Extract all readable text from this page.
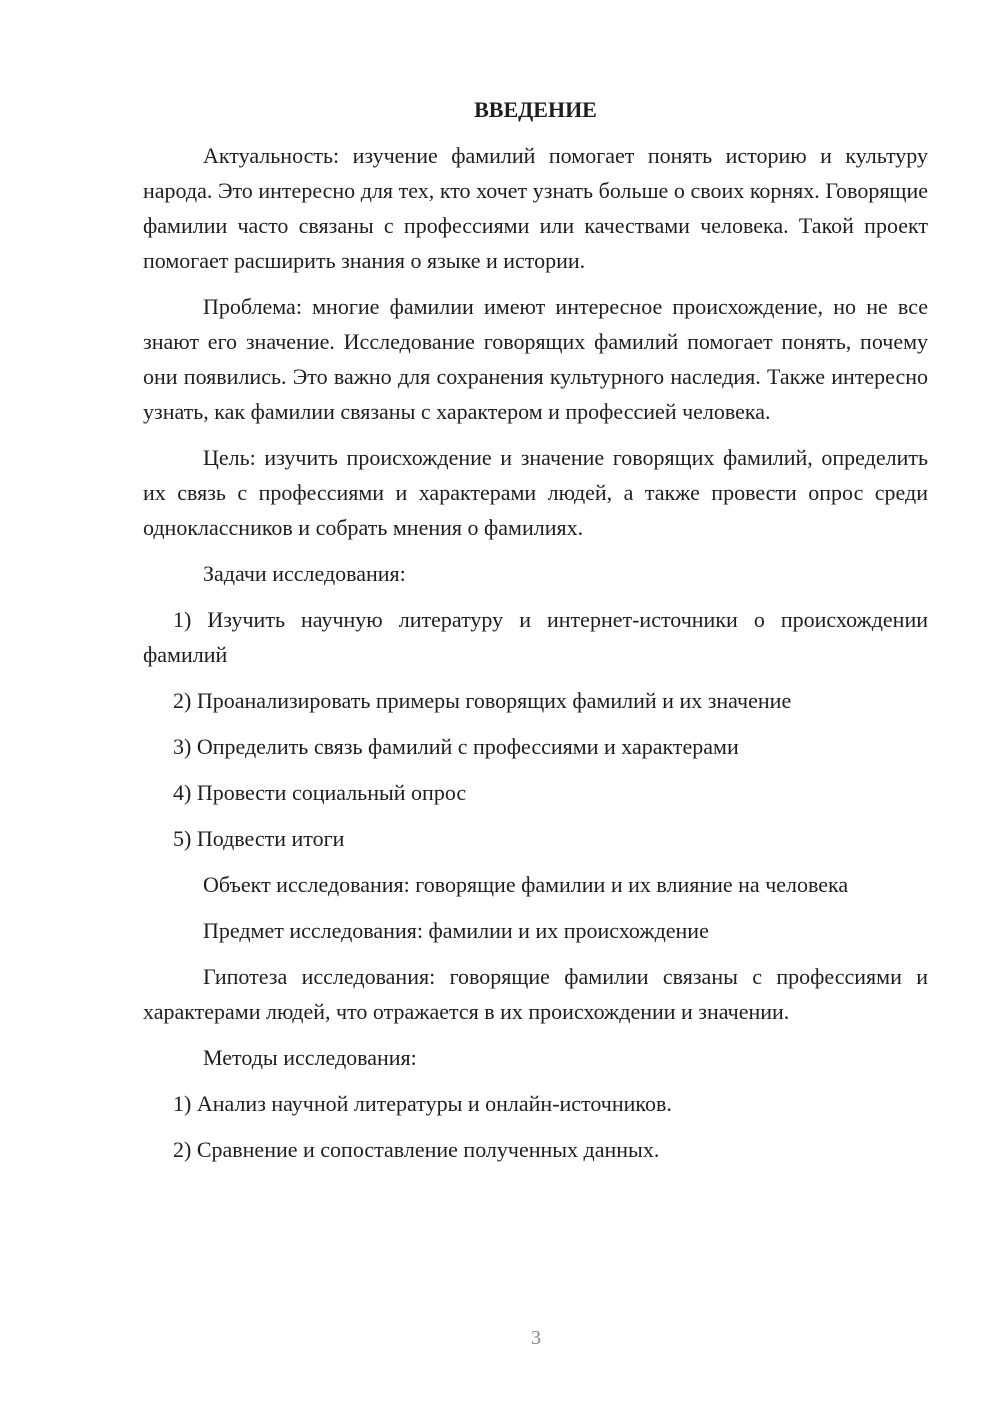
ВВЕДЕНИЕ
Актуальность: изучение фамилий помогает понять историю и культуру народа. Это интересно для тех, кто хочет узнать больше о своих корнях. Говорящие фамилии часто связаны с профессиями или качествами человека. Такой проект помогает расширить знания о языке и истории.
Проблема: многие фамилии имеют интересное происхождение, но не все знают его значение. Исследование говорящих фамилий помогает понять, почему они появились. Это важно для сохранения культурного наследия. Также интересно узнать, как фамилии связаны с характером и профессией человека.
Цель: изучить происхождение и значение говорящих фамилий, определить их связь с профессиями и характерами людей, а также провести опрос среди одноклассников и собрать мнения о фамилиях.
Задачи исследования:
1) Изучить научную литературу и интернет-источники о происхождении фамилий
2) Проанализировать примеры говорящих фамилий и их значение
3) Определить связь фамилий с профессиями и характерами
4) Провести социальный опрос
5) Подвести итоги
Объект исследования: говорящие фамилии и их влияние на человека
Предмет исследования: фамилии и их происхождение
Гипотеза исследования: говорящие фамилии связаны с профессиями и характерами людей, что отражается в их происхождении и значении.
Методы исследования:
1) Анализ научной литературы и онлайн-источников.
2) Сравнение и сопоставление полученных данных.
3
